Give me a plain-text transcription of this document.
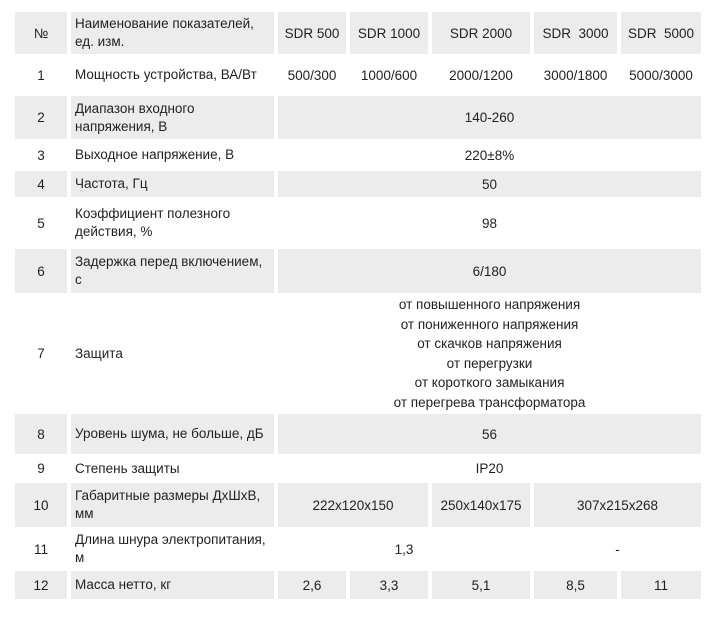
№	Наименование показателей, ед. изм.	SDR 500	SDR 1000	SDR 2000	SDR  3000	SDR  5000
1	Мощность устройства, ВА/Вт	500/300	1000/600	2000/1200	3000/1800	5000/3000
2	Диапазон входного напряжения, В	140-260				
3	Выходное напряжение, В	220±8%				
4	Частота, Гц	50				
5	Коэффициент полезного действия, %	98				
6	Задержка перед включением, с	6/180				
7	Защита	
от повышенного напряжения
от пониженного напряжения
от скачков напряжения
от перегрузки
от короткого замыкания
от перегрева трансформатора

8	Уровень шума, не больше, дБ	56				
9	Степень защиты	IP20				
10	Габаритные размеры ДхШхВ, мм	222x120x150		250x140x175	307x215x268	
11	Длина шнура электропитания, м	1,3			-	
12	Масса нетто, кг	2,6	3,3	5,1	8,5	11
